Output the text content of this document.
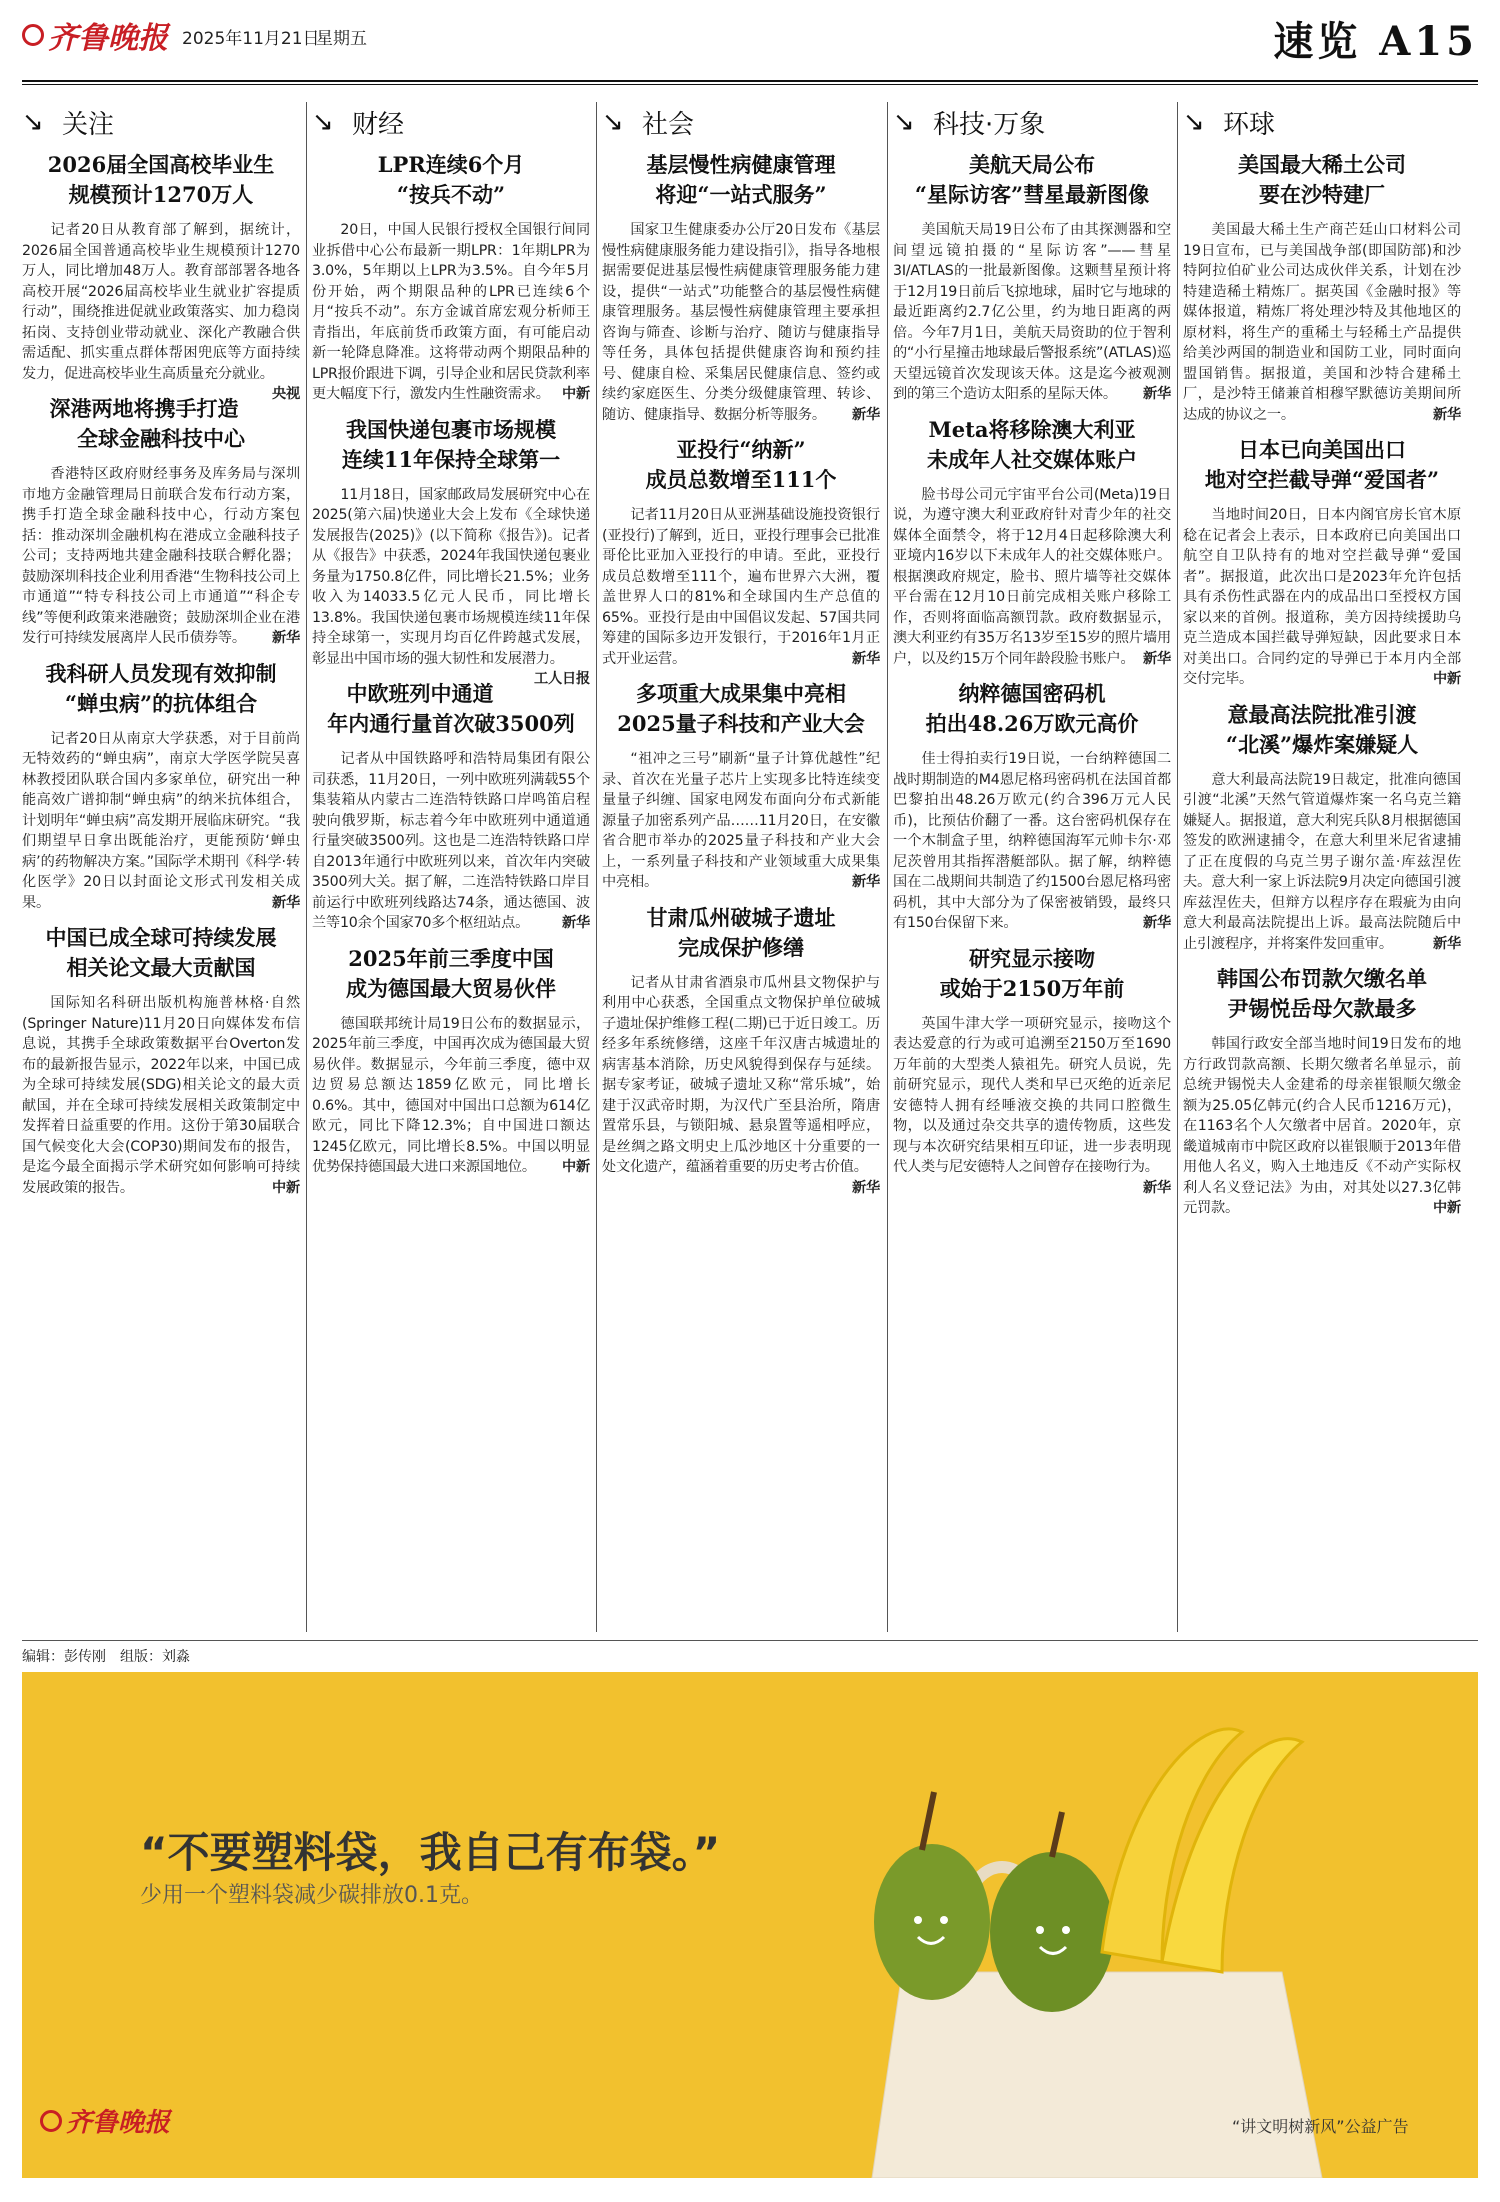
齐鲁晚报 2025年11月21日
星期五	速览 A15
↘ 关注
2026届全国高校毕业生
规模预计1270万人
记者20日从教育部了解到，据统计，2026届全国普通高校毕业生规模预计1270万人，同比增加48万人。教育部部署各地各高校开展“2026届高校毕业生就业扩容提质行动”，围绕推进促就业政策落实、加力稳岗拓岗、支持创业带动就业、深化产教融合供需适配、抓实重点群体帮困兜底等方面持续发力，促进高校毕业生高质量充分就业。
央视
深港两地将携手打造
全球金融科技中心
香港特区政府财经事务及库务局与深圳市地方金融管理局日前联合发布行动方案，携手打造全球金融科技中心，行动方案包括：推动深圳金融机构在港成立金融科技子公司；支持两地共建金融科技联合孵化器；鼓励深圳科技企业利用香港“生物科技公司上市通道”“特专科技公司上市通道”“科企专线”等便利政策来港融资；鼓励深圳企业在港发行可持续发展离岸人民币债券等。 新华
我科研人员发现有效抑制
“蝉虫病”的抗体组合
记者20日从南京大学获悉，对于目前尚无特效药的“蝉虫病”，南京大学医学院吴喜林教授团队联合国内多家单位，研究出一种能高效广谱抑制“蝉虫病”的纳米抗体组合，计划明年“蝉虫病”高发期开展临床研究。“我们期望早日拿出既能治疗，更能预防‘蝉虫病’的药物解决方案。”国际学术期刊《科学·转化医学》20日以封面论文形式刊发相关成果。	新华
中国已成全球可持续发展
相关论文最大贡献国
国际知名科研出版机构施普林格·自然(Springer Nature)11月20日向媒体发布信息说，其携手全球政策数据平台Overton发布的最新报告显示，2022年以来，中国已成为全球可持续发展(SDG)相关论文的最大贡献国，并在全球可持续发展相关政策制定中发挥着日益重要的作用。这份于第30届联合国气候变化大会(COP30)期间发布的报告，是迄今最全面揭示学术研究如何影响可持续发展政策的报告。	中新
↘ 财经
LPR连续6个月
“按兵不动”
20日，中国人民银行授权全国银行间同业拆借中心公布最新一期LPR：1年期LPR为3.0%，5年期以上LPR为3.5%。自今年5月份开始，两个期限品种的LPR已连续6个月“按兵不动”。东方金诚首席宏观分析师王青指出，年底前货币政策方面，有可能启动新一轮降息降准。这将带动两个期限品种的LPR报价跟进下调，引导企业和居民贷款利率更大幅度下行，激发内生性融资需求。 中新
我国快递包裹市场规模
连续11年保持全球第一
11月18日，国家邮政局发展研究中心在2025(第六届)快递业大会上发布《全球快递发展报告(2025)》(以下简称《报告》)。记者从《报告》中获悉，2024年我国快递包裹业务量为1750.8亿件，同比增长21.5%；业务收入为14033.5亿元人民币，同比增长13.8%。我国快递包裹市场规模连续11年保持全球第一，实现月均百亿件跨越式发展，彰显出中国市场的强大韧性和发展潜力。
工人日报
中欧班列中通道
年内通行量首次破3500列
记者从中国铁路呼和浩特局集团有限公司获悉，11月20日，一列中欧班列满载55个集装箱从内蒙古二连浩特铁路口岸鸣笛启程驶向俄罗斯，标志着今年中欧班列中通道通行量突破3500列。这也是二连浩特铁路口岸自2013年通行中欧班列以来，首次年内突破3500列大关。据了解，二连浩特铁路口岸目前运行中欧班列线路达74条，通达德国、波兰等10余个国家70多个枢纽站点。 新华
2025年前三季度中国
成为德国最大贸易伙伴
德国联邦统计局19日公布的数据显示，2025年前三季度，中国再次成为德国最大贸易伙伴。数据显示，今年前三季度，德中双边贸易总额达1859亿欧元，同比增长0.6%。其中，德国对中国出口总额为614亿欧元，同比下降12.3%；自中国进口额达1245亿欧元，同比增长8.5%。中国以明显优势保持德国最大进口来源国地位。 中新
↘ 社会
基层慢性病健康管理
将迎“一站式服务”
国家卫生健康委办公厅20日发布《基层慢性病健康服务能力建设指引》，指导各地根据需要促进基层慢性病健康管理服务能力建设，提供“一站式”功能整合的基层慢性病健康管理服务。基层慢性病健康管理主要承担咨询与筛查、诊断与治疗、随访与健康指导等任务，具体包括提供健康咨询和预约挂号、健康自检、采集居民健康信息、签约或续约家庭医生、分类分级健康管理、转诊、随访、健康指导、数据分析等服务。 新华
亚投行“纳新”
成员总数增至111个
记者11月20日从亚洲基础设施投资银行(亚投行)了解到，近日，亚投行理事会已批准哥伦比亚加入亚投行的申请。至此，亚投行成员总数增至111个，遍布世界六大洲，覆盖世界人口的81%和全球国内生产总值的65%。亚投行是由中国倡议发起、57国共同筹建的国际多边开发银行，于2016年1月正式开业运营。	新华
多项重大成果集中亮相
2025量子科技和产业大会
“祖冲之三号”刷新“量子计算优越性”纪录、首次在光量子芯片上实现多比特连续变量量子纠缠、国家电网发布面向分布式新能源量子加密系列产品……11月20日，在安徽省合肥市举办的2025量子科技和产业大会上，一系列量子科技和产业领域重大成果集中亮相。	新华
甘肃瓜州破城子遗址
完成保护修缮
记者从甘肃省酒泉市瓜州县文物保护与利用中心获悉，全国重点文物保护单位破城子遗址保护维修工程(二期)已于近日竣工。历经多年系统修缮，这座千年汉唐古城遗址的病害基本消除，历史风貌得到保存与延续。据专家考证，破城子遗址又称“常乐城”，始建于汉武帝时期，为汉代广至县治所，隋唐置常乐县，与锁阳城、悬泉置等遥相呼应，是丝绸之路文明史上瓜沙地区十分重要的一处文化遗产，蕴涵着重要的历史考古价值。
新华
↘ 科技·万象
美航天局公布
“星际访客”彗星最新图像
美国航天局19日公布了由其探测器和空间望远镜拍摄的“星际访客”——彗星3I/ATLAS的一批最新图像。这颗彗星预计将于12月19日前后飞掠地球，届时它与地球的最近距离约2.7亿公里，约为地日距离的两倍。今年7月1日，美航天局资助的位于智利的“小行星撞击地球最后警报系统”(ATLAS)巡天望远镜首次发现该天体。这是迄今被观测到的第三个造访太阳系的星际天体。 新华
Meta将移除澳大利亚
未成年人社交媒体账户
脸书母公司元宇宙平台公司(Meta)19日说，为遵守澳大利亚政府针对青少年的社交媒体全面禁令，将于12月4日起移除澳大利亚境内16岁以下未成年人的社交媒体账户。根据澳政府规定，脸书、照片墙等社交媒体平台需在12月10日前完成相关账户移除工作，否则将面临高额罚款。政府数据显示，澳大利亚约有35万名13岁至15岁的照片墙用户，以及约15万个同年龄段脸书账户。 新华
纳粹德国密码机
拍出48.26万欧元高价
佳士得拍卖行19日说，一台纳粹德国二战时期制造的M4恩尼格玛密码机在法国首都巴黎拍出48.26万欧元(约合396万元人民币)，比预估价翻了一番。这台密码机保存在一个木制盒子里，纳粹德国海军元帅卡尔·邓尼茨曾用其指挥潜艇部队。据了解，纳粹德国在二战期间共制造了约1500台恩尼格玛密码机，其中大部分为了保密被销毁，最终只有150台保留下来。	新华
研究显示接吻
或始于2150万年前
英国牛津大学一项研究显示，接吻这个表达爱意的行为或可追溯至2150万至1690万年前的大型类人猿祖先。研究人员说，先前研究显示，现代人类和早已灭绝的近亲尼安德特人拥有经唾液交换的共同口腔微生物，以及通过杂交共享的遗传物质，这些发现与本次研究结果相互印证，进一步表明现代人类与尼安德特人之间曾存在接吻行为。
新华
↘ 环球
美国最大稀土公司
要在沙特建厂
美国最大稀土生产商芒廷山口材料公司19日宣布，已与美国战争部(即国防部)和沙特阿拉伯矿业公司达成伙伴关系，计划在沙特建造稀土精炼厂。据英国《金融时报》等媒体报道，精炼厂将处理沙特及其他地区的原材料，将生产的重稀土与轻稀土产品提供给美沙两国的制造业和国防工业，同时面向盟国销售。据报道，美国和沙特合建稀土厂，是沙特王储兼首相穆罕默德访美期间所达成的协议之一。	新华
日本已向美国出口
地对空拦截导弹“爱国者”
当地时间20日，日本内阁官房长官木原稔在记者会上表示，日本政府已向美国出口航空自卫队持有的地对空拦截导弹“爱国者”。据报道，此次出口是2023年允许包括具有杀伤性武器在内的成品出口至授权方国家以来的首例。报道称，美方因持续援助乌克兰造成本国拦截导弹短缺，因此要求日本对美出口。合同约定的导弹已于本月内全部交付完毕。	中新
意最高法院批准引渡
“北溪”爆炸案嫌疑人
意大利最高法院19日裁定，批准向德国引渡“北溪”天然气管道爆炸案一名乌克兰籍嫌疑人。据报道，意大利宪兵队8月根据德国签发的欧洲逮捕令，在意大利里米尼省逮捕了正在度假的乌克兰男子谢尔盖·库兹涅佐夫。意大利一家上诉法院9月决定向德国引渡库兹涅佐夫，但辩方以程序存在瑕疵为由向意大利最高法院提出上诉。最高法院随后中止引渡程序，并将案件发回重审。	新华
韩国公布罚款欠缴名单
尹锡悦岳母欠款最多
韩国行政安全部当地时间19日发布的地方行政罚款高额、长期欠缴者名单显示，前总统尹锡悦夫人金建希的母亲崔银顺欠缴金额为25.05亿韩元(约合人民币1216万元)，在1163名个人欠缴者中居首。2020年，京畿道城南市中院区政府以崔银顺于2013年借用他人名义，购入土地违反《不动产实际权利人名义登记法》为由，对其处以27.3亿韩元罚款。	中新
编辑：彭传刚　组版：刘淼
“不要塑料袋，我自己有布袋。”
少用一个塑料袋减少碳排放0.1克。
齐鲁晚报	“讲文明树新风”公益广告
